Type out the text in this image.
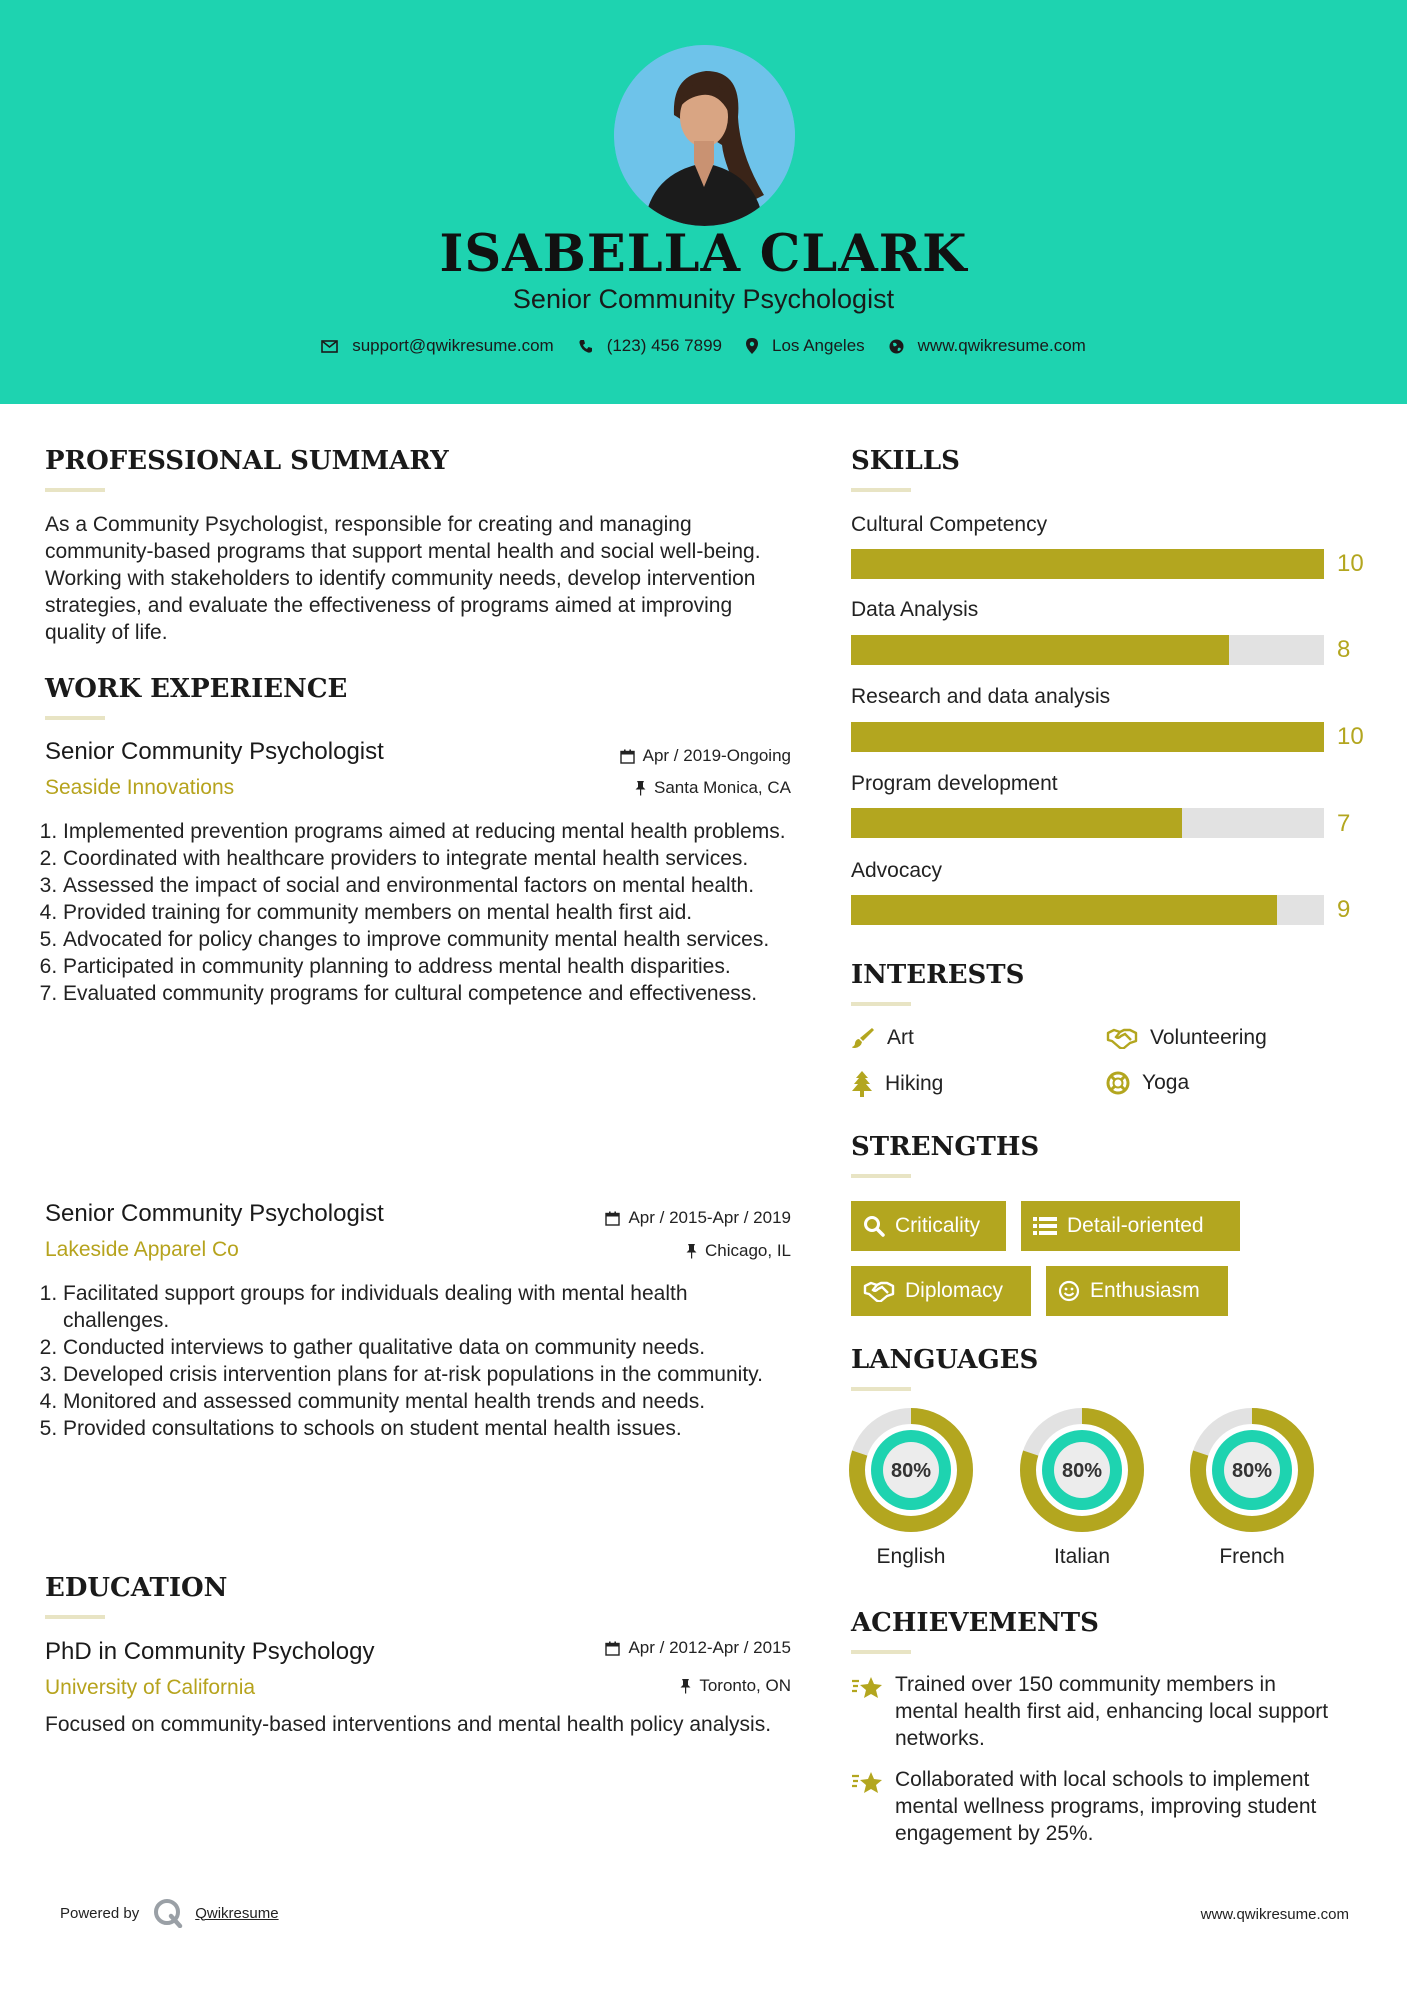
ISABELLA CLARK
Senior Community Psychologist
support@qwikresume.com	(123) 456 7899	Los Angeles	www.qwikresume.com
PROFESSIONAL SUMMARY
As a Community Psychologist, responsible for creating and managing community-based programs that support mental health and social well-being. Working with stakeholders to identify community needs, develop intervention strategies, and evaluate the effectiveness of programs aimed at improving quality of life.
WORK EXPERIENCE
Senior Community Psychologist	Apr / 2019-Ongoing
Seaside Innovations	Santa Monica, CA
1. Implemented prevention programs aimed at reducing mental health problems.
2. Coordinated with healthcare providers to integrate mental health services.
3. Assessed the impact of social and environmental factors on mental health.
4. Provided training for community members on mental health first aid.
5. Advocated for policy changes to improve community mental health services.
6. Participated in community planning to address mental health disparities.
7. Evaluated community programs for cultural competence and effectiveness.
Senior Community Psychologist	Apr / 2015-Apr / 2019
Lakeside Apparel Co	Chicago, IL
1. Facilitated support groups for individuals dealing with mental health challenges.
2. Conducted interviews to gather qualitative data on community needs.
3. Developed crisis intervention plans for at-risk populations in the community.
4. Monitored and assessed community mental health trends and needs.
5. Provided consultations to schools on student mental health issues.
EDUCATION
PhD in Community Psychology	Apr / 2012-Apr / 2015
University of California	Toronto, ON
Focused on community-based interventions and mental health policy analysis.
SKILLS
Cultural Competency
10
Data Analysis
8
Research and data analysis
10
Program development
7
Advocacy
9
INTERESTS
Art	Volunteering
Hiking	Yoga
STRENGTHS
Criticality	Detail-oriented
Diplomacy	Enthusiasm
LANGUAGES
80%
English
80%
Italian
80%
French
ACHIEVEMENTS
Trained over 150 community members in mental health first aid, enhancing local support networks.
Collaborated with local schools to implement mental wellness programs, improving student engagement by 25%.
Powered by	Qwikresume	www.qwikresume.com
